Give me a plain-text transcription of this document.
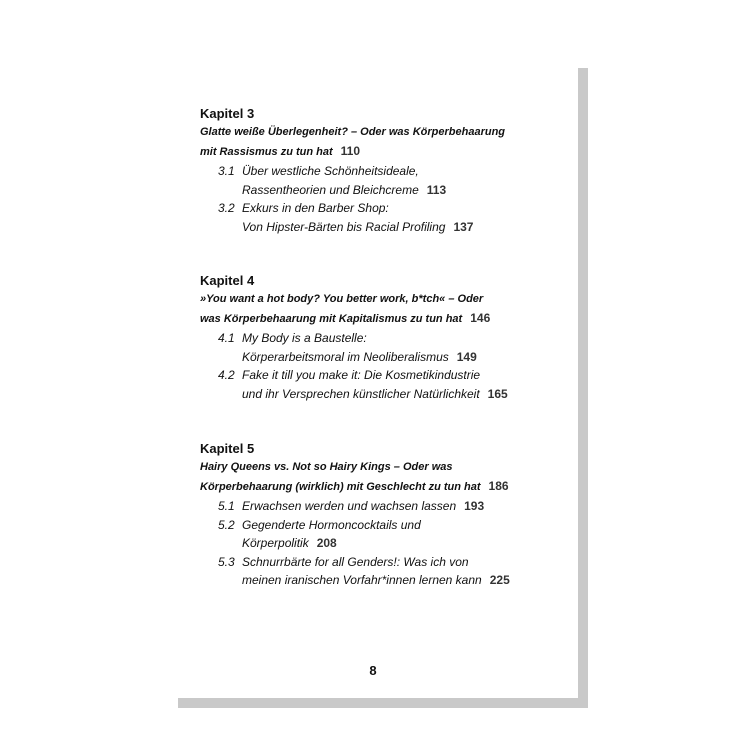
Kapitel 3
Glatte weiße Überlegenheit? – Oder was Körperbehaarung
mit Rassismus zu tun hat 110
3.1 Über westliche Schönheitsideale,
Rassentheorien und Bleichcreme 113
3.2 Exkurs in den Barber Shop:
Von Hipster-Bärten bis Racial Profiling 137
Kapitel 4
»You want a hot body? You better work, b*tch« – Oder
was Körperbehaarung mit Kapitalismus zu tun hat 146
4.1 My Body is a Baustelle:
Körperarbeitsmoral im Neoliberalismus 149
4.2 Fake it till you make it: Die Kosmetikindustrie
und ihr Versprechen künstlicher Natürlichkeit 165
Kapitel 5
Hairy Queens vs. Not so Hairy Kings – Oder was
Körperbehaarung (wirklich) mit Geschlecht zu tun hat 186
5.1 Erwachsen werden und wachsen lassen 193
5.2 Gegenderte Hormoncocktails und
Körperpolitik 208
5.3 Schnurrbärte for all Genders!: Was ich von
meinen iranischen Vorfahr*innen lernen kann 225
8
